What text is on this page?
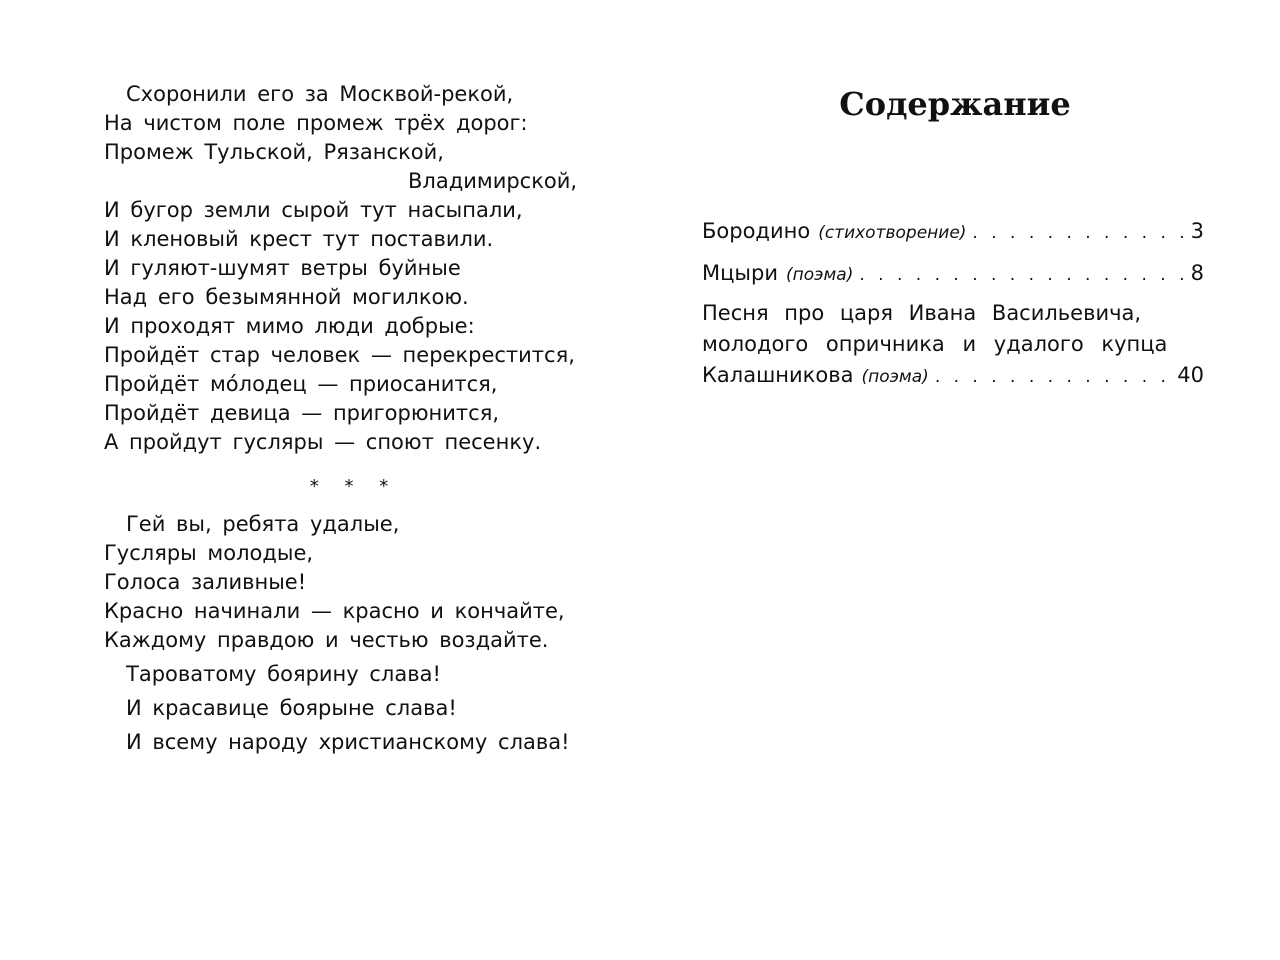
Схоронили его за Москвой-рекой,
На чистом поле промеж трёх дорог:
Промеж Тульской, Рязанской,
Владимирской,
И бугор земли сырой тут насыпали,
И кленовый крест тут поставили.
И гуляют-шумят ветры буйные
Над его безымянной могилкою.
И проходят мимо люди добрые:
Пройдёт стар человек — перекрестится,
Пройдёт мо́лодец — приосанится,
Пройдёт девица — пригорюнится,
А пройдут гусляры — споют песенку.
* * *
Гей вы, ребята удалые,
Гусляры молодые,
Голоса заливные!
Красно начинали — красно и кончайте,
Каждому правдою и честью воздайте.
Тароватому боярину слава!
И красавице боярыне слава!
И всему народу христианскому слава!
Содержание
Бородино (стихотворение) . . .	3
Мцыри (поэма) . . .	8
Песня про царя Ивана Васильевича,
молодого опричника и удалого купца
Калашникова (поэма) . . .	40
